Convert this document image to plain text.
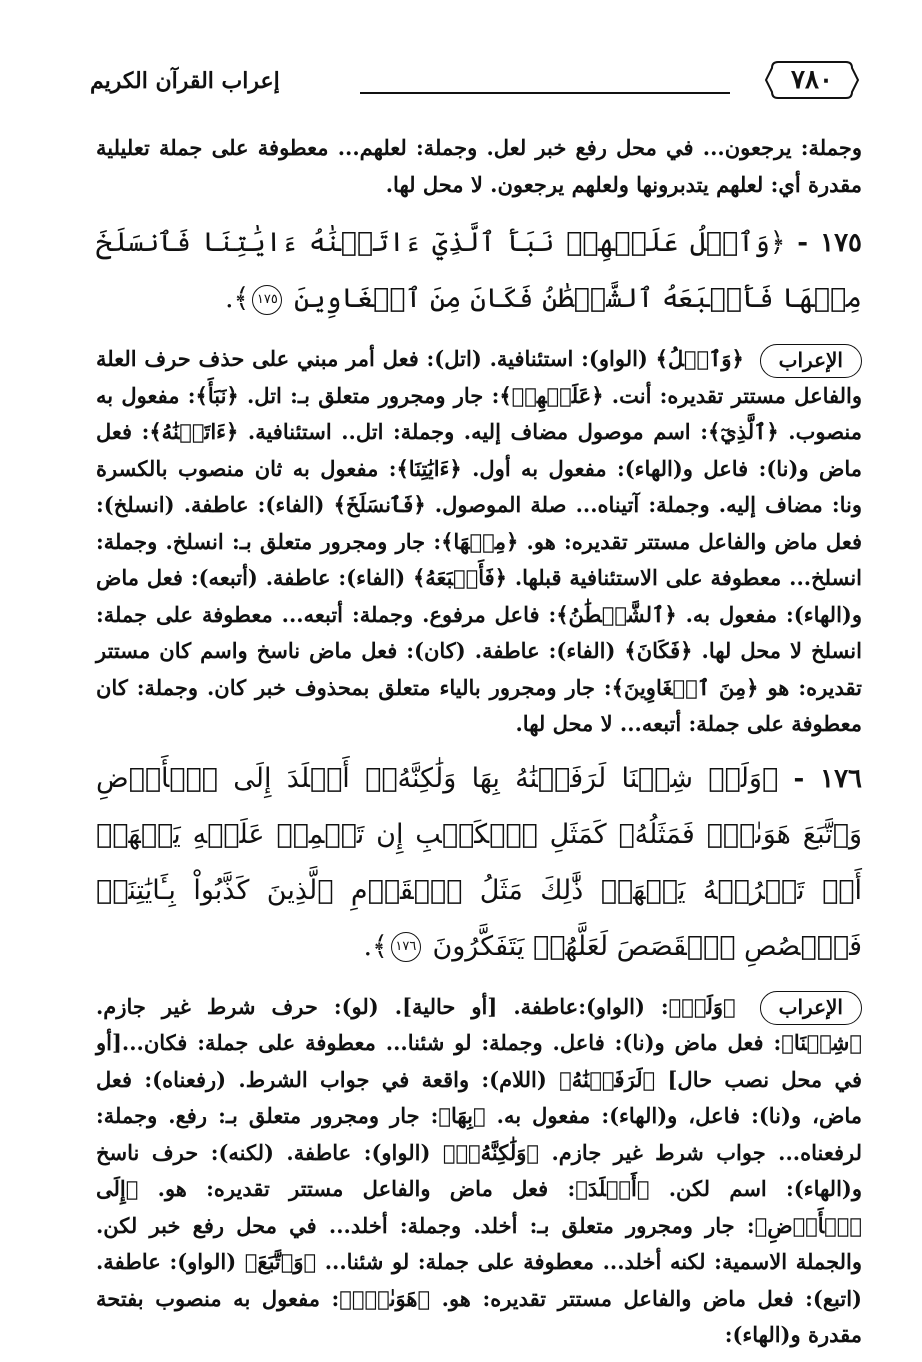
٧٨٠
إعراب القرآن الكريم

وجملة: يرجعون... في محل رفع خبر لعل. وجملة: لعلهم... معطوفة على جملة تعليلية مقدرة أي: لعلهم يتدبرونها ولعلهم يرجعون. لا محل لها.

١٧٥ - ﴿وَٱتۡلُ عَلَيۡهِمۡ نَبَأَ ٱلَّذِيٓ ءَاتَيۡنَٰهُ ءَايَٰتِنَا فَٱنسَلَخَ مِنۡهَا فَأَتۡبَعَهُ ٱلشَّيۡطَٰنُ فَكَانَ مِنَ ٱلۡغَاوِينَ ١٧٥﴾.

الإعراب ﴿وَٱتۡلُ﴾ (الواو): استئنافية. (اتل): فعل أمر مبني على حذف حرف العلة والفاعل مستتر تقديره: أنت. ﴿عَلَيۡهِمۡ﴾: جار ومجرور متعلق بـ: اتل. ﴿نَبَأَ﴾: مفعول به منصوب. ﴿ٱلَّذِيٓ﴾: اسم موصول مضاف إليه. وجملة: اتل.. استئنافية. ﴿ءَاتَيۡنَٰهُ﴾: فعل ماض و(نا): فاعل و(الهاء): مفعول به أول. ﴿ءَايَٰتِنَا﴾: مفعول به ثان منصوب بالكسرة ونا: مضاف إليه. وجملة: آتيناه... صلة الموصول. ﴿فَٱنسَلَخَ﴾ (الفاء): عاطفة. (انسلخ): فعل ماض والفاعل مستتر تقديره: هو. ﴿مِنۡهَا﴾: جار ومجرور متعلق بـ: انسلخ. وجملة: انسلخ... معطوفة على الاستئنافية قبلها. ﴿فَأَتۡبَعَهُ﴾ (الفاء): عاطفة. (أتبعه): فعل ماض و(الهاء): مفعول به. ﴿ٱلشَّيۡطَٰنُ﴾: فاعل مرفوع. وجملة: أتبعه... معطوفة على جملة: انسلخ لا محل لها. ﴿فَكَانَ﴾ (الفاء): عاطفة. (كان): فعل ماض ناسخ واسم كان مستتر تقديره: هو ﴿مِنَ ٱلۡغَاوِينَ﴾: جار ومجرور بالياء متعلق بمحذوف خبر كان. وجملة: كان معطوفة على جملة: أتبعه... لا محل لها.

١٧٦ - ﴿وَلَوۡ شِئۡنَا لَرَفَعۡنَٰهُ بِهَا وَلَٰكِنَّهُۥٓ أَخۡلَدَ إِلَى ٱلۡأَرۡضِ وَٱتَّبَعَ هَوَىٰهُۚ فَمَثَلُهُۥ كَمَثَلِ ٱلۡكَلۡبِ إِن تَحۡمِلۡ عَلَيۡهِ يَلۡهَثۡ أَوۡ تَتۡرُكۡهُ يَلۡهَثۚ ذَّٰلِكَ مَثَلُ ٱلۡقَوۡمِ ٱلَّذِينَ كَذَّبُواْ بِـَٔايَٰتِنَاۚ فَٱقۡصُصِ ٱلۡقَصَصَ لَعَلَّهُمۡ يَتَفَكَّرُونَ ١٧٦﴾.

الإعراب ﴿وَلَوۡ﴾: (الواو):عاطفة. [أو حالية]. (لو): حرف شرط غير جازم. ﴿شِئۡنَا﴾: فعل ماض و(نا): فاعل. وجملة: لو شئنا... معطوفة على جملة: فكان...[أو في محل نصب حال] ﴿لَرَفَعۡنَٰهُ﴾ (اللام): واقعة في جواب الشرط. (رفعناه): فعل ماض، و(نا): فاعل، و(الهاء): مفعول به. ﴿بِهَا﴾: جار ومجرور متعلق بـ: رفع. وجملة: لرفعناه... جواب شرط غير جازم. ﴿وَلَٰكِنَّهُۥٓ﴾ (الواو): عاطفة. (لكنه): حرف ناسخ و(الهاء): اسم لكن. ﴿أَخۡلَدَ﴾: فعل ماض والفاعل مستتر تقديره: هو. ﴿إِلَى ٱلۡأَرۡضِ﴾: جار ومجرور متعلق بـ: أخلد. وجملة: أخلد... في محل رفع خبر لكن. والجملة الاسمية: لكنه أخلد... معطوفة على جملة: لو شئنا... ﴿وَٱتَّبَعَ﴾ (الواو): عاطفة. (اتبع): فعل ماض والفاعل مستتر تقديره: هو. ﴿هَوَىٰهُۚ﴾: مفعول به منصوب بفتحة مقدرة و(الهاء):
